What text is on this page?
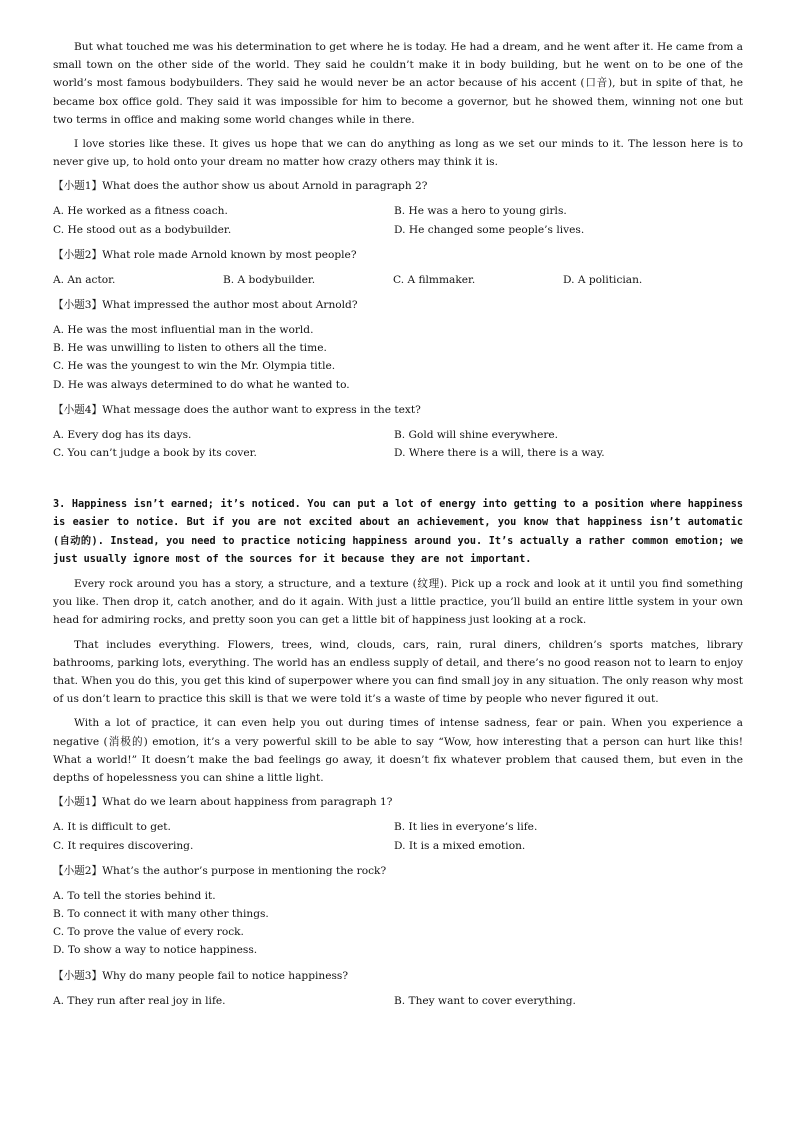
But what touched me was his determination to get where he is today. He had a dream, and he went after it. He came from a small town on the other side of the world. They said he couldn’t make it in body building, but he went on to be one of the world’s most famous bodybuilders. They said he would never be an actor because of his accent (口音), but in spite of that, he became box office gold. They said it was impossible for him to become a governor, but he showed them, winning not one but two terms in office and making some world changes while in there.

I love stories like these. It gives us hope that we can do anything as long as we set our minds to it. The lesson here is to never give up, to hold onto your dream no matter how crazy others may think it is.

【小题1】What does the author show us about Arnold in paragraph 2?
A. He worked as a fitness coach.	B. He was a hero to young girls.
C. He stood out as a bodybuilder.	D. He changed some people’s lives.
【小题2】What role made Arnold known by most people?
A. An actor.	B. A bodybuilder.	C. A filmmaker.	D. A politician.
【小题3】What impressed the author most about Arnold?
A. He was the most influential man in the world.
B. He was unwilling to listen to others all the time.
C. He was the youngest to win the Mr. Olympia title.
D. He was always determined to do what he wanted to.
【小题4】What message does the author want to express in the text?
A. Every dog has its days.	B. Gold will shine everywhere.
C. You can’t judge a book by its cover.	D. Where there is a will, there is a way.

3. Happiness isn’t earned; it’s noticed. You can put a lot of energy into getting to a position where happiness is easier to notice. But if you are not excited about an achievement, you know that happiness isn’t automatic (自动的). Instead, you need to practice noticing happiness around you. It’s actually a rather common emotion; we just usually ignore most of the sources for it because they are not important.

Every rock around you has a story, a structure, and a texture (纹理). Pick up a rock and look at it until you find something you like. Then drop it, catch another, and do it again. With just a little practice, you’ll build an entire little system in your own head for admiring rocks, and pretty soon you can get a little bit of happiness just looking at a rock.

That includes everything. Flowers, trees, wind, clouds, cars, rain, rural diners, children’s sports matches, library bathrooms, parking lots, everything. The world has an endless supply of detail, and there’s no good reason not to learn to enjoy that. When you do this, you get this kind of superpower where you can find small joy in any situation. The only reason why most of us don’t learn to practice this skill is that we were told it’s a waste of time by people who never figured it out.

With a lot of practice, it can even help you out during times of intense sadness, fear or pain. When you experience a negative (消极的) emotion, it’s a very powerful skill to be able to say “Wow, how interesting that a person can hurt like this! What a world!” It doesn’t make the bad feelings go away, it doesn’t fix whatever problem that caused them, but even in the depths of hopelessness you can shine a little light.

【小题1】What do we learn about happiness from paragraph 1?
A. It is difficult to get.	B. It lies in everyone’s life.
C. It requires discovering.	D. It is a mixed emotion.
【小题2】What’s the author’s purpose in mentioning the rock?
A. To tell the stories behind it.
B. To connect it with many other things.
C. To prove the value of every rock.
D. To show a way to notice happiness.
【小题3】Why do many people fail to notice happiness?
A. They run after real joy in life.	B. They want to cover everything.
